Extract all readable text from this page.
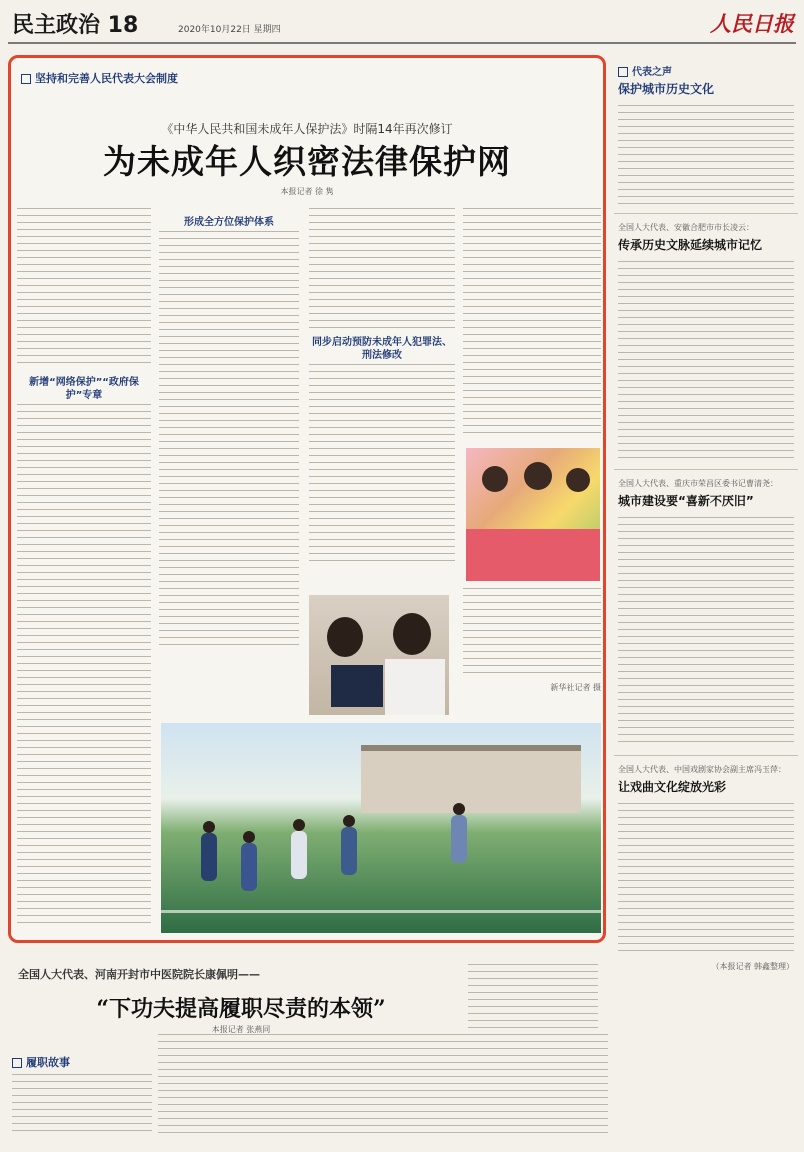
民主政治 18	2020年10月22日 星期四	人民日报
坚持和完善人民代表大会制度
《中华人民共和国未成年人保护法》时隔14年再次修订
为未成年人织密法律保护网
本报记者 徐 隽
新增“网络保护”“政府保护”专章
形成全方位保护体系
同步启动预防未成年人犯罪法、刑法修改
新华社记者 摄
代表之声
保护城市历史文化
全国人大代表、安徽合肥市市长凌云：
传承历史文脉延续城市记忆
全国人大代表、重庆市荣昌区委书记曹清尧：
城市建设要“喜新不厌旧”
全国人大代表、中国戏剧家协会副主席冯玉萍：
让戏曲文化绽放光彩
（本报记者 韩鑫整理）
全国人大代表、河南开封市中医院院长康佩明——
“下功夫提高履职尽责的本领”
本报记者 张燕同
履职故事
